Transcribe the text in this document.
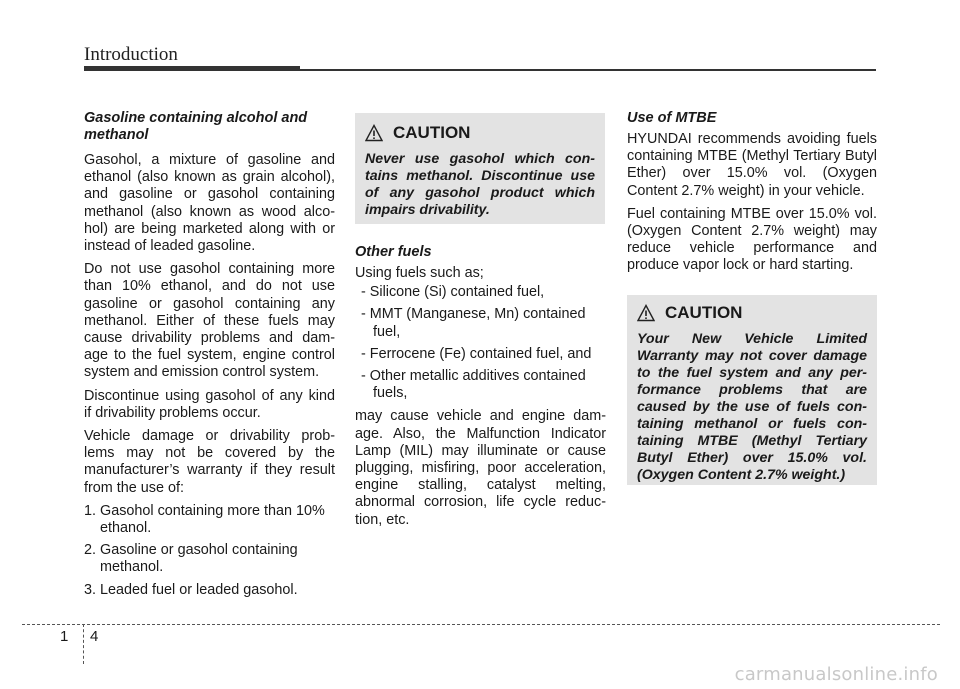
Introduction
Gasoline containing alcohol and methanol

Gasohol, a mixture of gasoline and ethanol (also known as grain alcohol), and gasoline or gasohol containing methanol (also known as wood alco-hol) are being marketed along with or instead of leaded gasoline.

Do not use gasohol containing more than 10% ethanol, and do not use gasoline or gasohol containing any methanol. Either of these fuels may cause drivability problems and dam-age to the fuel system, engine control system and emission control system.

Discontinue using gasohol of any kind if drivability problems occur.

Vehicle damage or drivability prob-lems may not be covered by the manufacturer’s warranty if they result from the use of:

1. Gasohol containing more than 10% ethanol.
2. Gasoline or gasohol containing methanol.
3. Leaded fuel or leaded gasohol.
CAUTION

Never use gasohol which con-tains methanol. Discontinue use of any gasohol product which impairs drivability.

Other fuels

Using fuels such as;

- Silicone (Si) contained fuel,
- MMT (Manganese, Mn) contained fuel,
- Ferrocene (Fe) contained fuel, and
- Other metallic additives contained fuels,

may cause vehicle and engine dam-age. Also, the Malfunction Indicator Lamp (MIL) may illuminate or cause plugging, misfiring, poor acceleration, engine stalling, catalyst melting, abnormal corrosion, life cycle reduc-tion, etc.

Use of MTBE

HYUNDAI recommends avoiding fuels containing MTBE (Methyl Tertiary Butyl Ether) over 15.0% vol. (Oxygen Content 2.7% weight) in your vehicle.

Fuel containing MTBE over 15.0% vol. (Oxygen Content 2.7% weight) may reduce vehicle performance and produce vapor lock or hard starting.

CAUTION

Your New Vehicle Limited Warranty may not cover damage to the fuel system and any per-formance problems that are caused by the use of fuels con-taining methanol or fuels con-taining MTBE (Methyl Tertiary Butyl Ether) over 15.0% vol. (Oxygen Content 2.7% weight.)

1 4
carmanualsonline.info
